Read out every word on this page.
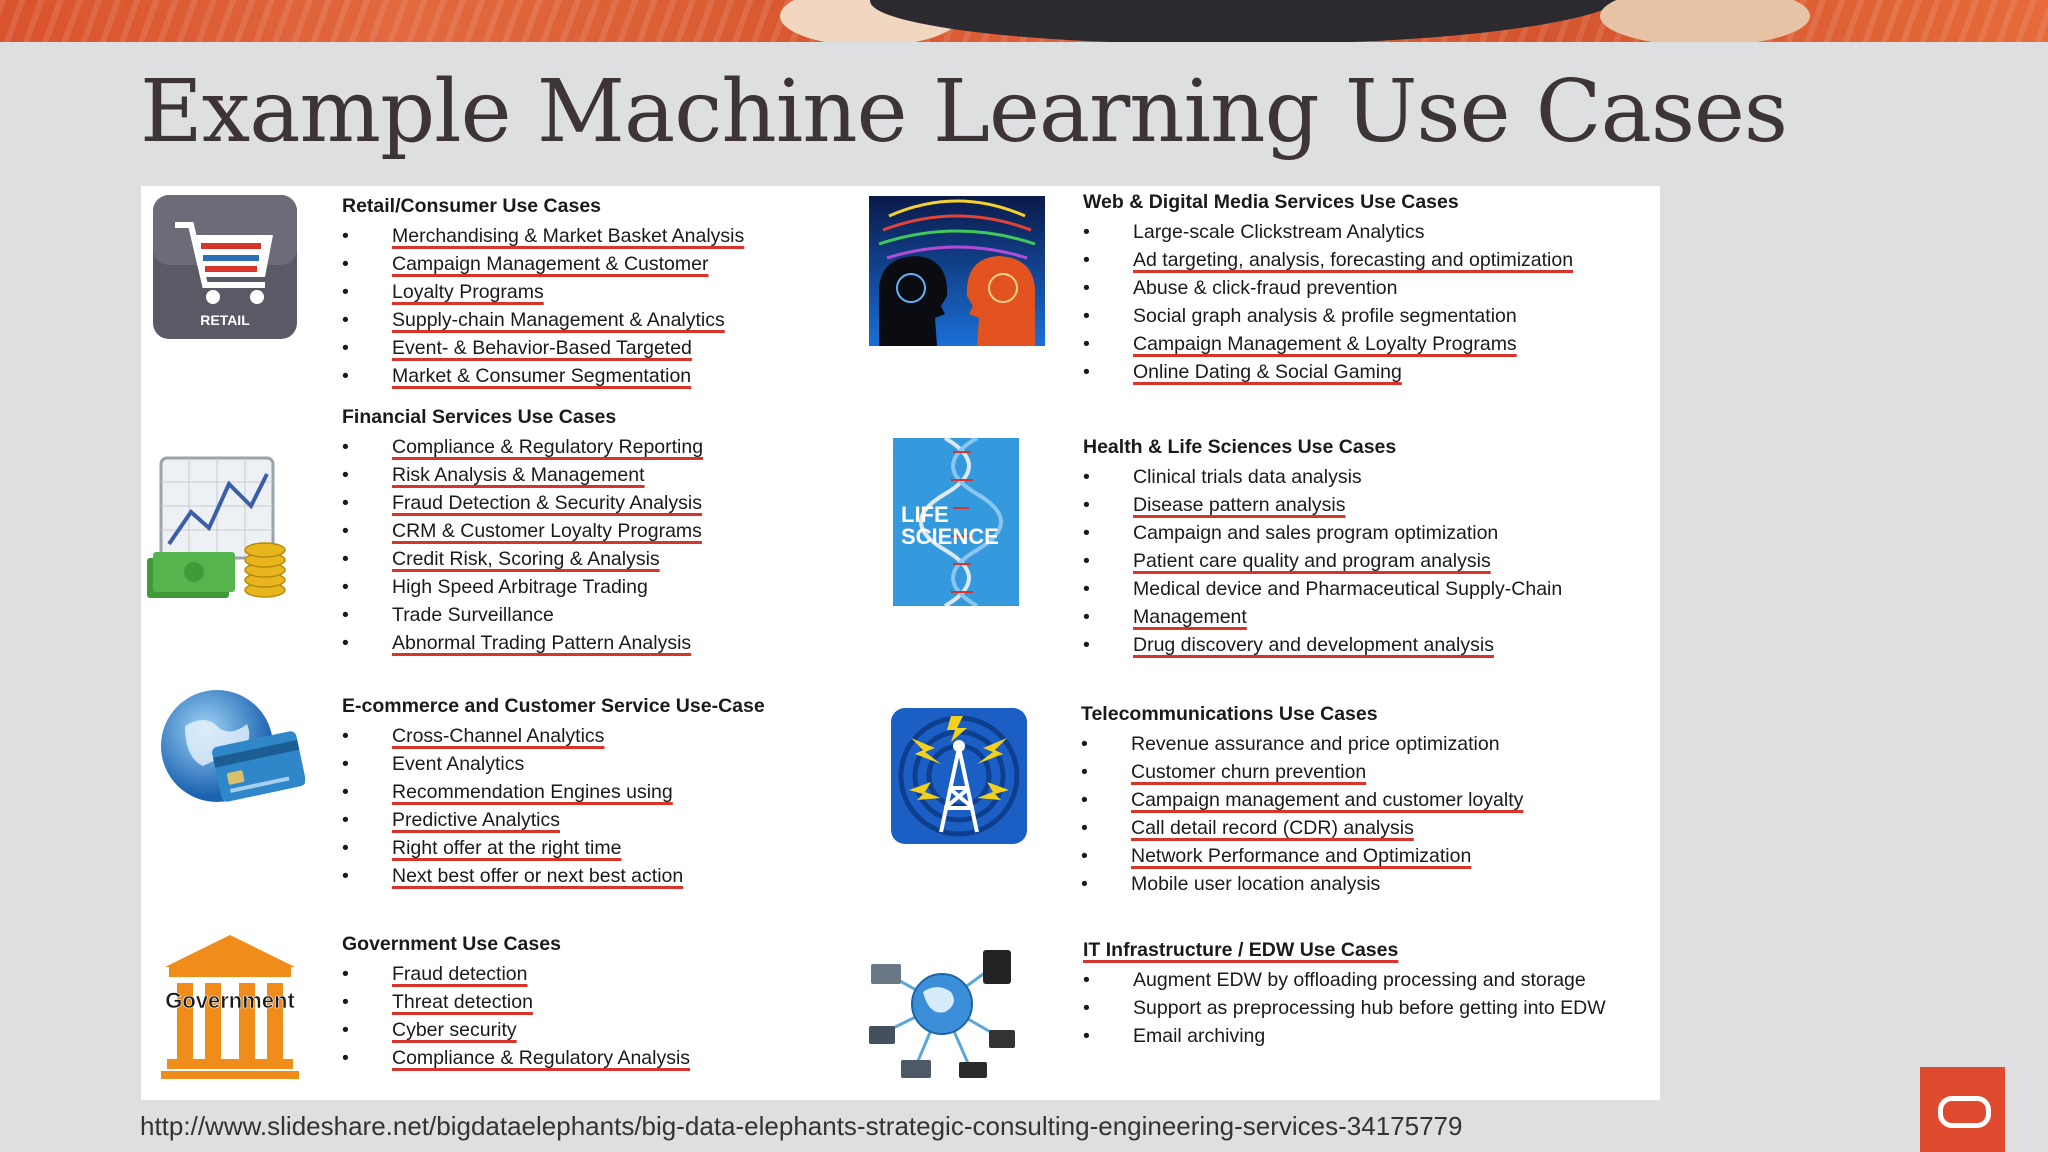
Example Machine Learning Use Cases
RETAIL
Government
LIFE
SCIENCE
Retail/Consumer Use Cases
• Merchandising & Market Basket Analysis
• Campaign Management & Customer
• Loyalty Programs
• Supply-chain Management & Analytics
• Event- & Behavior-Based Targeted
• Market & Consumer Segmentation
Financial Services Use Cases
• Compliance & Regulatory Reporting
• Risk Analysis & Management
• Fraud Detection & Security Analysis
• CRM & Customer Loyalty Programs
• Credit Risk, Scoring & Analysis
• High Speed Arbitrage Trading
• Trade Surveillance
• Abnormal Trading Pattern Analysis
E-commerce and Customer Service Use-Case
• Cross-Channel Analytics
• Event Analytics
• Recommendation Engines using
• Predictive Analytics
• Right offer at the right time
• Next best offer or next best action
Government Use Cases
• Fraud detection
• Threat detection
• Cyber security
• Compliance & Regulatory Analysis
Web & Digital Media Services Use Cases
• Large-scale Clickstream Analytics
• Ad targeting, analysis, forecasting and optimization
• Abuse & click-fraud prevention
• Social graph analysis & profile segmentation
• Campaign Management & Loyalty Programs
• Online Dating & Social Gaming
Health & Life Sciences Use Cases
• Clinical trials data analysis
• Disease pattern analysis
• Campaign and sales program optimization
• Patient care quality and program analysis
• Medical device and Pharmaceutical Supply-Chain
• Management
• Drug discovery and development analysis
Telecommunications Use Cases
• Revenue assurance and price optimization
• Customer churn prevention
• Campaign management and customer loyalty
• Call detail record (CDR) analysis
• Network Performance and Optimization
• Mobile user location analysis
IT Infrastructure / EDW Use Cases
• Augment EDW by offloading processing and storage
• Support as preprocessing hub before getting into EDW
• Email archiving
http://www.slideshare.net/bigdataelephants/big-data-elephants-strategic-consulting-engineering-services-34175779
